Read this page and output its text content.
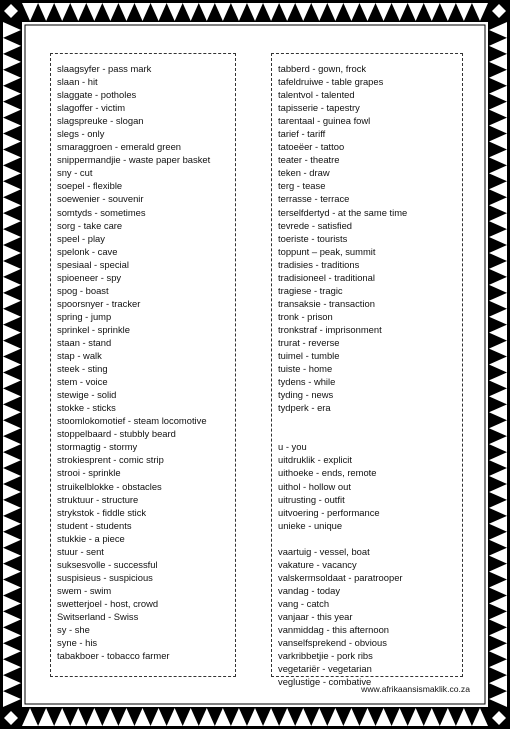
slaagsyfer - pass mark
slaan - hit
slaggate - potholes
slagoffer - victim
slagspreuke - slogan
slegs - only
smaraggroen - emerald green
snippermandjie - waste paper basket
sny - cut
soepel - flexible
soewenier - souvenir
somtyds - sometimes
sorg - take care
speel - play
spelonk - cave
spesiaal - special
spioeneer - spy
spog - boast
spoorsnyer - tracker
spring - jump
sprinkel - sprinkle
staan - stand
stap - walk
steek - sting
stem - voice
stewige - solid
stokke - sticks
stoomlokomotief - steam locomotive
stoppelbaard - stubbly beard
stormagtig - stormy
strokiesprent - comic strip
strooi - sprinkle
struikelblokke - obstacles
struktuur - structure
strykstok - fiddle stick
student - students
stukkie - a piece
stuur - sent
suksesvolle - successful
suspisieus - suspicious
swem - swim
swetterjoel - host, crowd
Switserland - Swiss
sy - she
syne - his
tabakboer - tobacco farmer
tabberd - gown, frock
tafeldruiwe - table grapes
talentvol - talented
tapisserie - tapestry
tarentaal - guinea fowl
tarief - tariff
tatoeëer - tattoo
teater - theatre
teken - draw
terg - tease
terrasse - terrace
terselfdertyd - at the same time
tevrede - satisfied
toeriste - tourists
toppunt – peak, summit
tradisies - traditions
tradisioneel - traditional
tragiese - tragic
transaksie - transaction
tronk - prison
tronkstraf - imprisonment
trurat - reverse
tuimel - tumble
tuiste - home
tydens - while
tyding - news
tydperk - era
u - you
uitdruklik - explicit
uithoeke - ends, remote
uithol - hollow out
uitrusting - outfit
uitvoering - performance
unieke - unique
vaartuig - vessel, boat
vakature - vacancy
valskermsoldaat - paratrooper
vandag - today
vang - catch
vanjaar - this year
vanmiddag - this afternoon
vanselfsprekend - obvious
varkribbetjie - pork ribs
vegetariër - vegetarian
veglustige - combative
www.afrikaansismaklik.co.za
